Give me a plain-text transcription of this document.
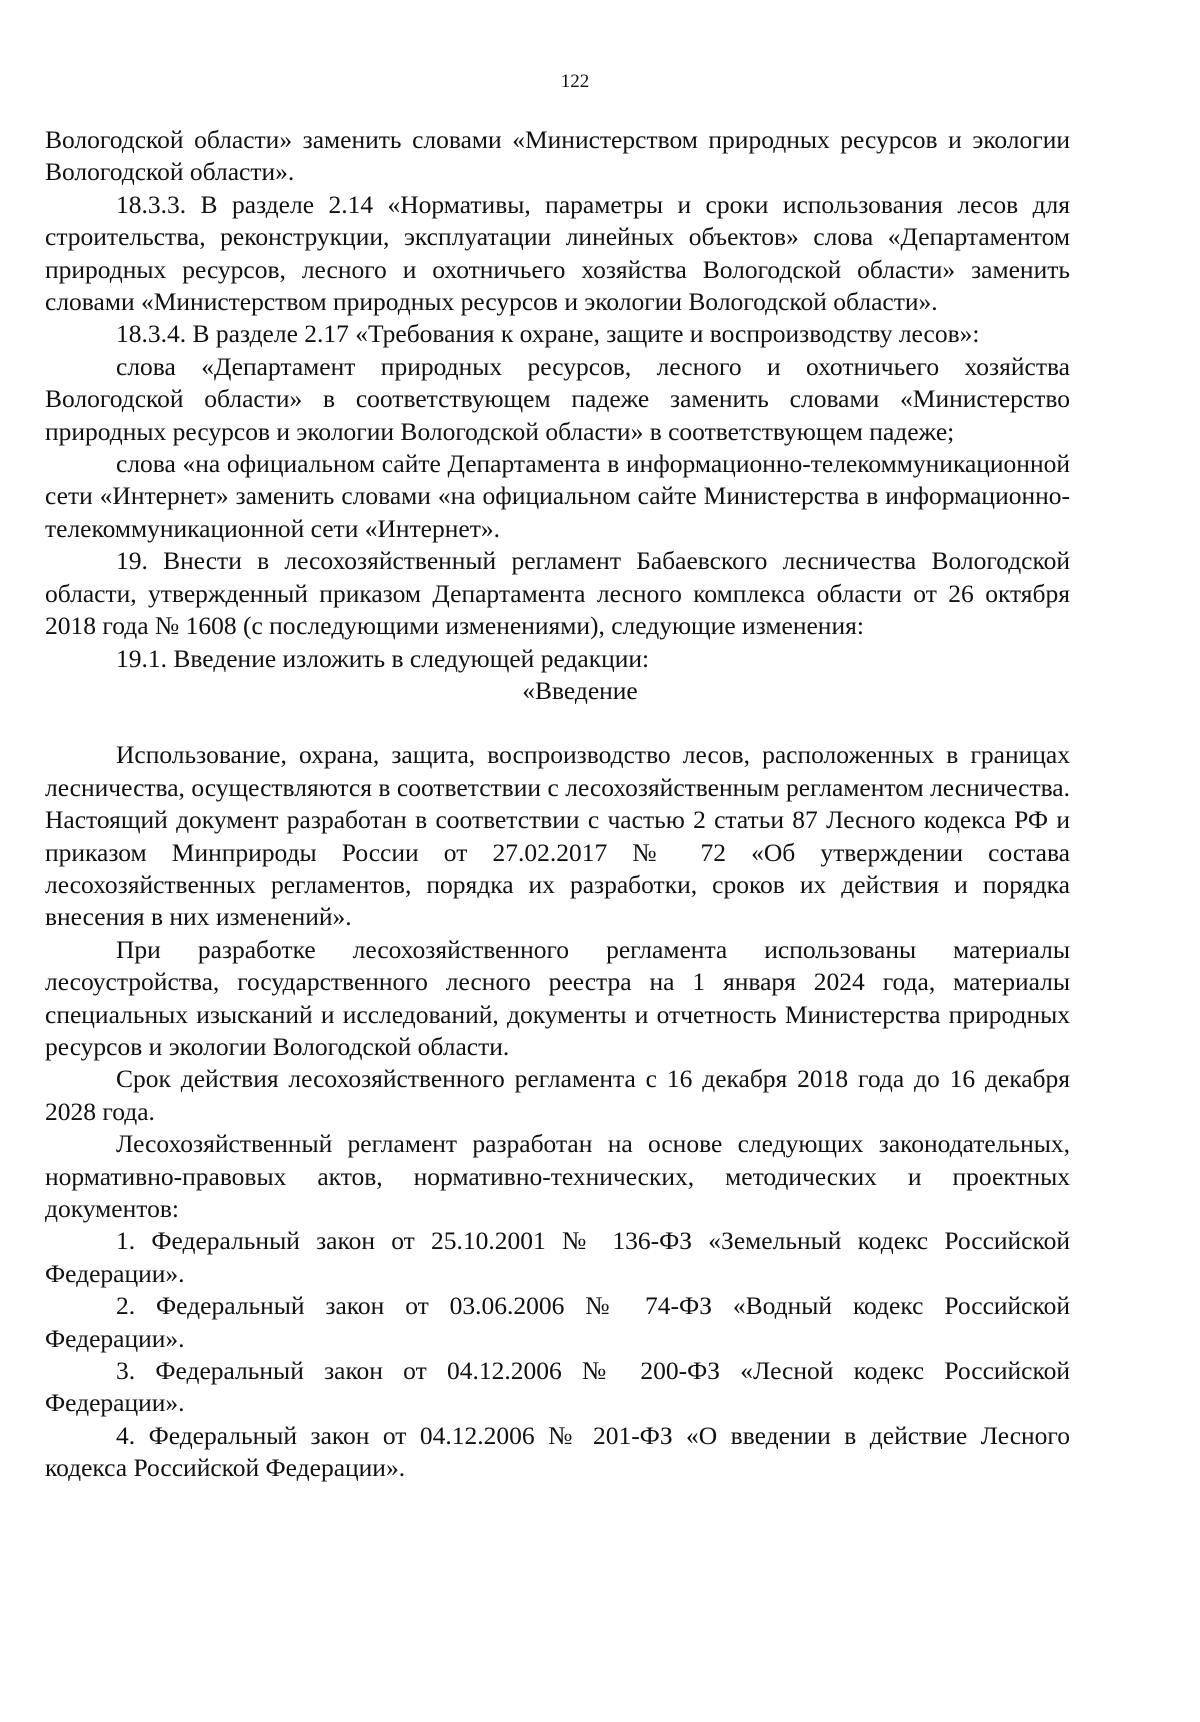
122

Вологодской области» заменить словами «Министерством природных ресурсов и экологии Вологодской области».

18.3.3. В разделе 2.14 «Нормативы, параметры и сроки использования лесов для строительства, реконструкции, эксплуатации линейных объектов» слова «Департаментом природных ресурсов, лесного и охотничьего хозяйства Вологодской области» заменить словами «Министерством природных ресурсов и экологии Вологодской области».

18.3.4. В разделе 2.17 «Требования к охране, защите и воспроизводству лесов»:

слова «Департамент природных ресурсов, лесного и охотничьего хозяйства Вологодской области» в соответствующем падеже заменить словами «Министерство природных ресурсов и экологии Вологодской области» в соответствующем падеже;

слова «на официальном сайте Департамента в информационно-телекоммуникационной сети «Интернет» заменить словами «на официальном сайте Министерства в информационно-телекоммуникационной сети «Интернет».

19. Внести в лесохозяйственный регламент Бабаевского лесничества Вологодской области, утвержденный приказом Департамента лесного комплекса области от 26 октября 2018 года № 1608 (с последующими изменениями), следующие изменения:

19.1. Введение изложить в следующей редакции:

«Введение

Использование, охрана, защита, воспроизводство лесов, расположенных в границах лесничества, осуществляются в соответствии с лесохозяйственным регламентом лесничества. Настоящий документ разработан в соответствии с частью 2 статьи 87 Лесного кодекса РФ и приказом Минприроды России от 27.02.2017 № 72 «Об утверждении состава лесохозяйственных регламентов, порядка их разработки, сроков их действия и порядка внесения в них изменений».

При разработке лесохозяйственного регламента использованы материалы лесоустройства, государственного лесного реестра на 1 января 2024 года, материалы специальных изысканий и исследований, документы и отчетность Министерства природных ресурсов и экологии Вологодской области.

Срок действия лесохозяйственного регламента с 16 декабря 2018 года до 16 декабря 2028 года.

Лесохозяйственный регламент разработан на основе следующих законодательных, нормативно-правовых актов, нормативно-технических, методических и проектных документов:

1. Федеральный закон от 25.10.2001 № 136-ФЗ «Земельный кодекс Российской Федерации».

2. Федеральный закон от 03.06.2006 № 74-ФЗ «Водный кодекс Российской Федерации».

3. Федеральный закон от 04.12.2006 № 200-ФЗ «Лесной кодекс Российской Федерации».

4. Федеральный закон от 04.12.2006 № 201-ФЗ «О введении в действие Лесного кодекса Российской Федерации».
